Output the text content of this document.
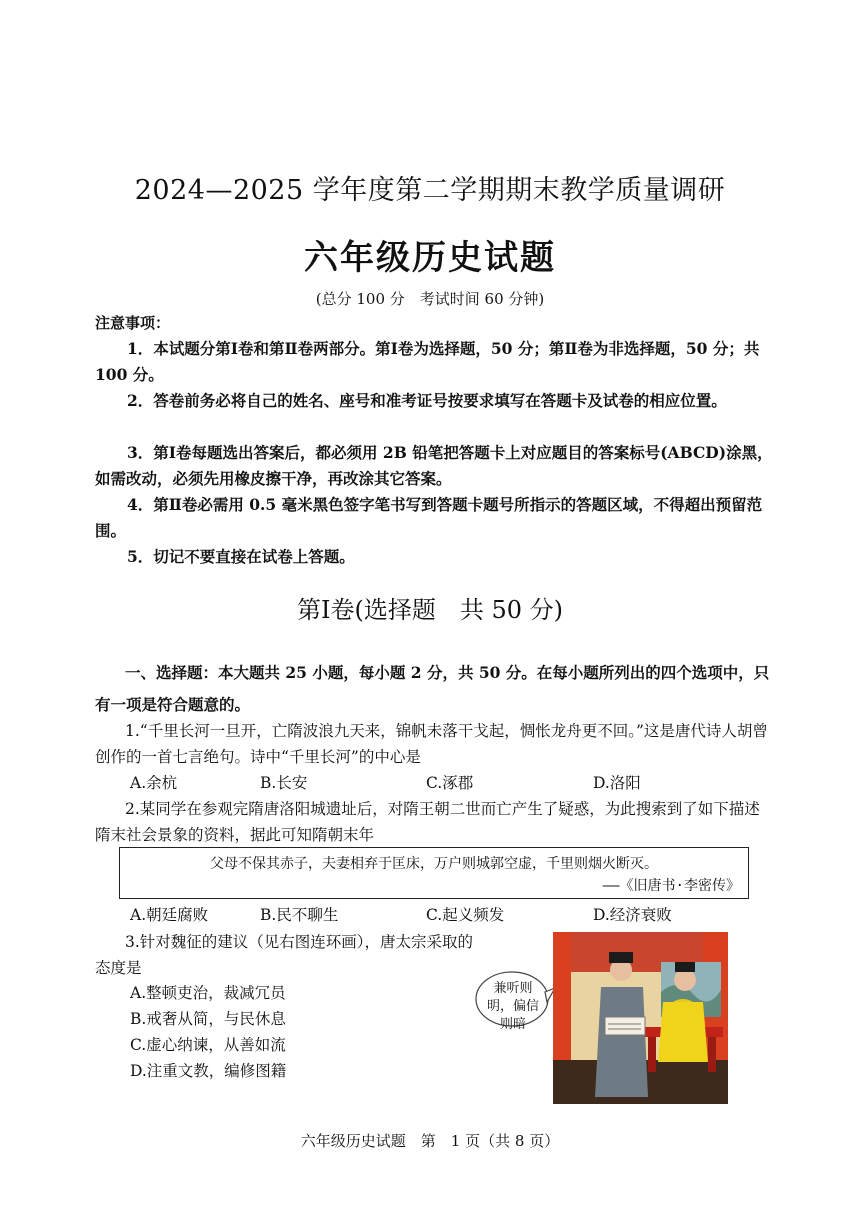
2024—2025 学年度第二学期期末教学质量调研
六年级历史试题
(总分 100 分　考试时间 60 分钟)
注意事项：
1．本试题分第Ⅰ卷和第Ⅱ卷两部分。第Ⅰ卷为选择题，50 分；第Ⅱ卷为非选择题，50 分；共 100 分。
2．答卷前务必将自己的姓名、座号和准考证号按要求填写在答题卡及试卷的相应位置。
3．第Ⅰ卷每题选出答案后，都必须用 2B 铅笔把答题卡上对应题目的答案标号(ABCD)涂黑，如需改动，必须先用橡皮擦干净，再改涂其它答案。
4．第Ⅱ卷必需用 0.5 毫米黑色签字笔书写到答题卡题号所指示的答题区域，不得超出预留范围。
5．切记不要直接在试卷上答题。
第Ⅰ卷(选择题　共 50 分)
一、选择题：本大题共 25 小题，每小题 2 分，共 50 分。在每小题所列出的四个选项中，只有一项是符合题意的。
1.“千里长河一旦开，亡隋波浪九天来，锦帆未落干戈起，惆怅龙舟更不回。”这是唐代诗人胡曾创作的一首七言绝句。诗中“千里长河”的中心是
A.余杭	B.长安	C.涿郡	D.洛阳
2.某同学在参观完隋唐洛阳城遗址后，对隋王朝二世而亡产生了疑惑，为此搜索到了如下描述隋末社会景象的资料，据此可知隋朝末年
父母不保其赤子，夫妻相弃于匡床，万户则城郭空虚，千里则烟火断灭。
——《旧唐书·李密传》
A.朝廷腐败	B.民不聊生	C.起义频发	D.经济衰败
3.针对魏征的建议（见右图连环画），唐太宗采取的态度是
A.整顿吏治，裁减冗员
B.戒奢从简，与民休息
C.虚心纳谏，从善如流
D.注重文教，编修图籍
兼听则明，偏信则暗
六年级历史试题　第　1 页（共 8 页）
